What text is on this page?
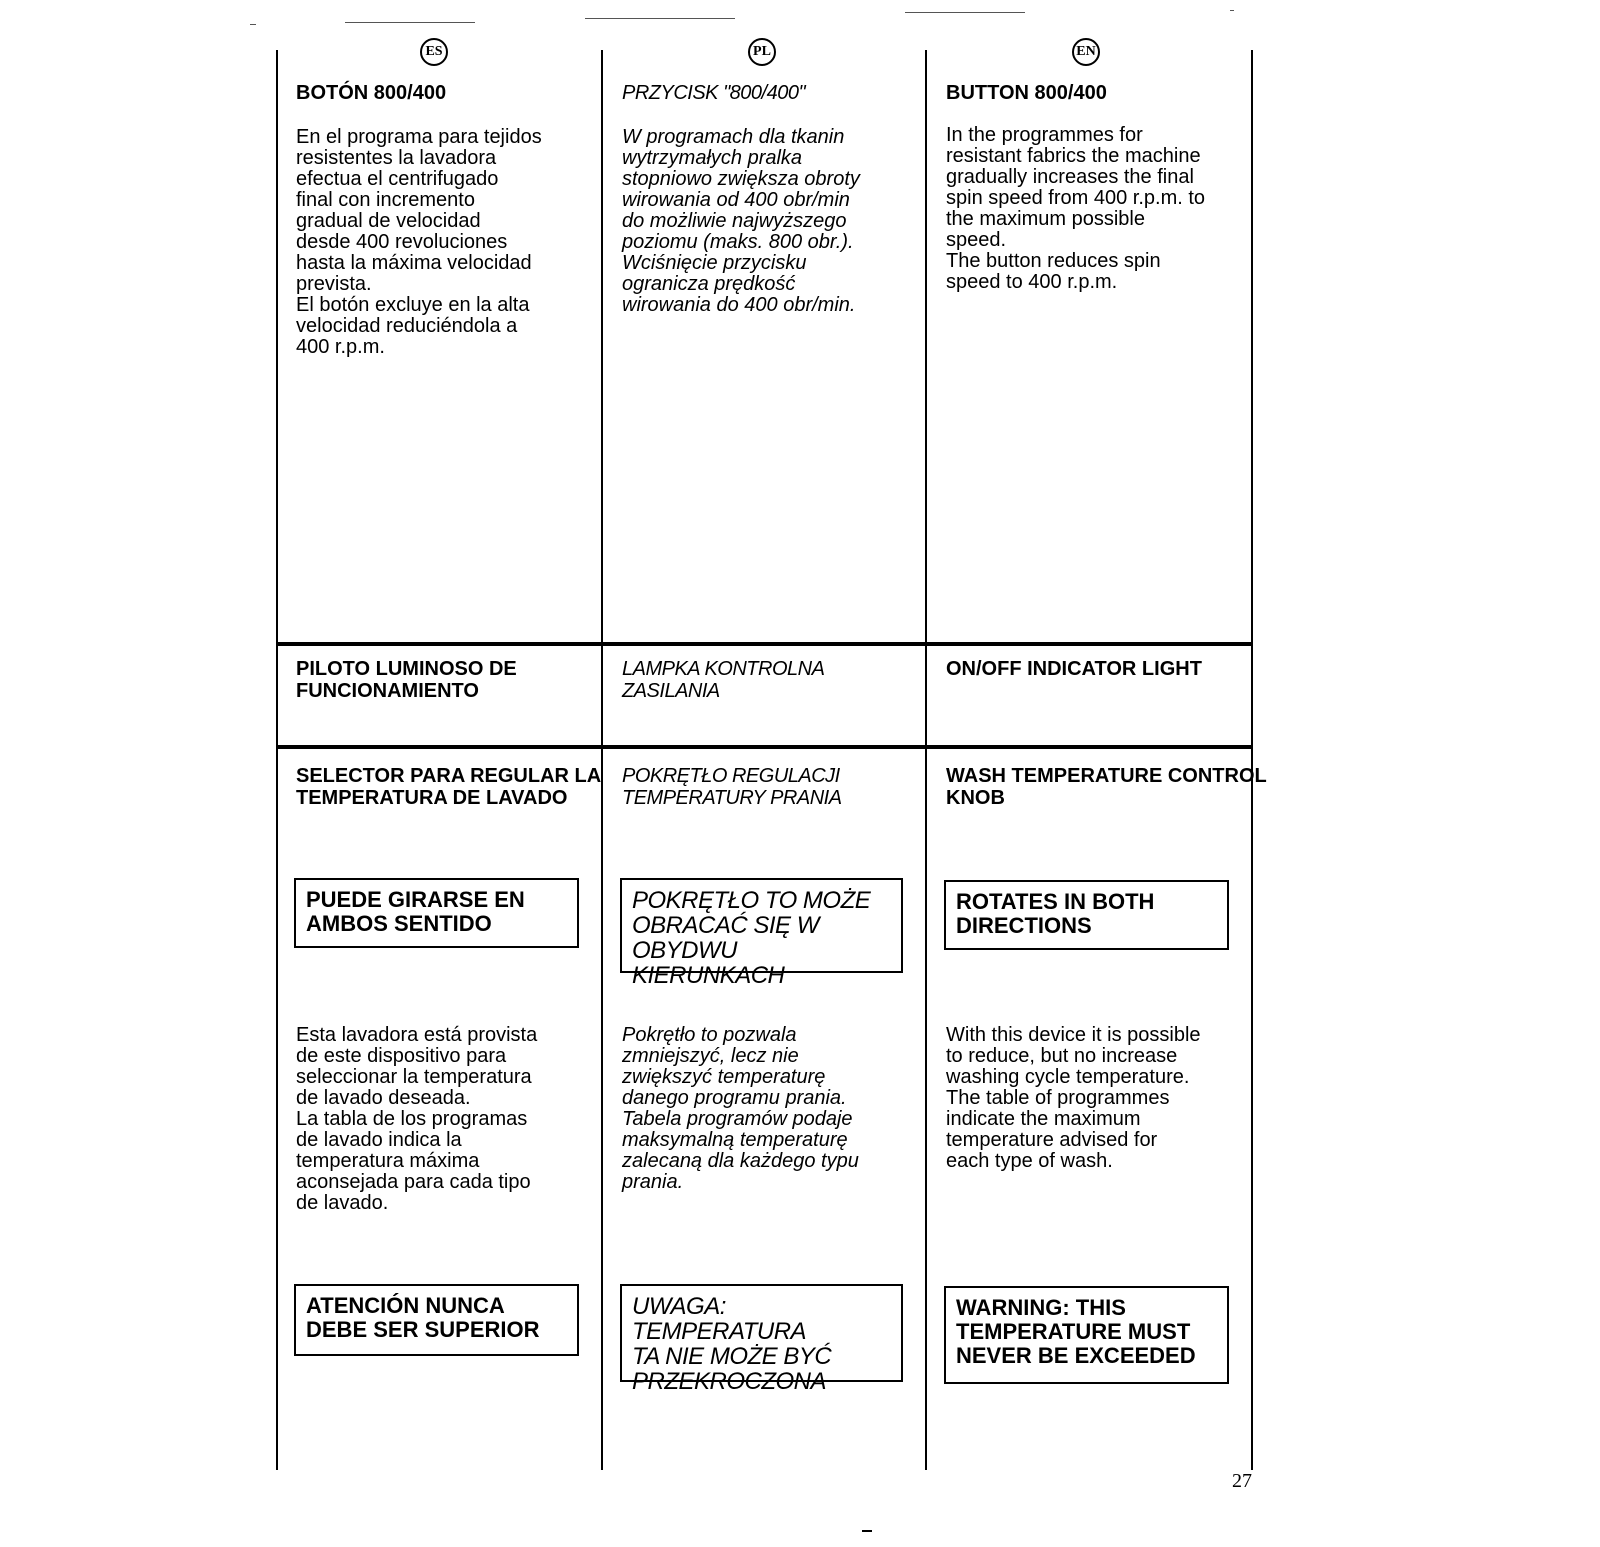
ES
BOTÓN 800/400
En el programa para tejidos
resistentes la lavadora
efectua el centrifugado
final con incremento
gradual de velocidad
desde 400 revoluciones
hasta la máxima velocidad
prevista.
El botón excluye en la alta
velocidad reduciéndola a
400 r.p.m.
PILOTO LUMINOSO DE
FUNCIONAMIENTO
SELECTOR PARA REGULAR LA
TEMPERATURA DE LAVADO
PUEDE GIRARSE EN
AMBOS SENTIDO
Esta lavadora está provista
de este dispositivo para
seleccionar la temperatura
de lavado deseada.
La tabla de los programas
de lavado indica la
temperatura máxima
aconsejada para cada tipo
de lavado.
ATENCIÓN NUNCA
DEBE SER SUPERIOR
PL
PRZYCISK "800/400"
W programach dla tkanin
wytrzymałych pralka
stopniowo zwiększa obroty
wirowania od 400 obr/min
do możliwie najwyższego
poziomu (maks. 800 obr.).
Wciśnięcie przycisku
ogranicza prędkość
wirowania do 400 obr/min.
LAMPKA KONTROLNA
ZASILANIA
POKRĘTŁO REGULACJI
TEMPERATURY PRANIA
POKRĘTŁO TO MOŻE
OBRACAĆ SIĘ W
OBYDWU KIERUNKACH
Pokrętło to pozwala
zmniejszyć, lecz nie
zwiększyć temperaturę
danego programu prania.
Tabela programów podaje
maksymalną temperaturę
zalecaną dla każdego typu
prania.
UWAGA: TEMPERATURA
TA NIE MOŻE BYĆ
PRZEKROCZONA
EN
BUTTON 800/400
In the programmes for
resistant fabrics the machine
gradually increases the final
spin speed from 400 r.p.m. to
the maximum possible
speed.
The button reduces spin
speed to 400 r.p.m.
ON/OFF INDICATOR LIGHT
WASH TEMPERATURE CONTROL
KNOB
ROTATES IN BOTH
DIRECTIONS
With this device it is possible
to reduce, but no increase
washing cycle temperature.
The table of programmes
indicate the maximum
temperature advised for
each type of wash.
WARNING: THIS
TEMPERATURE MUST
NEVER BE EXCEEDED
27
